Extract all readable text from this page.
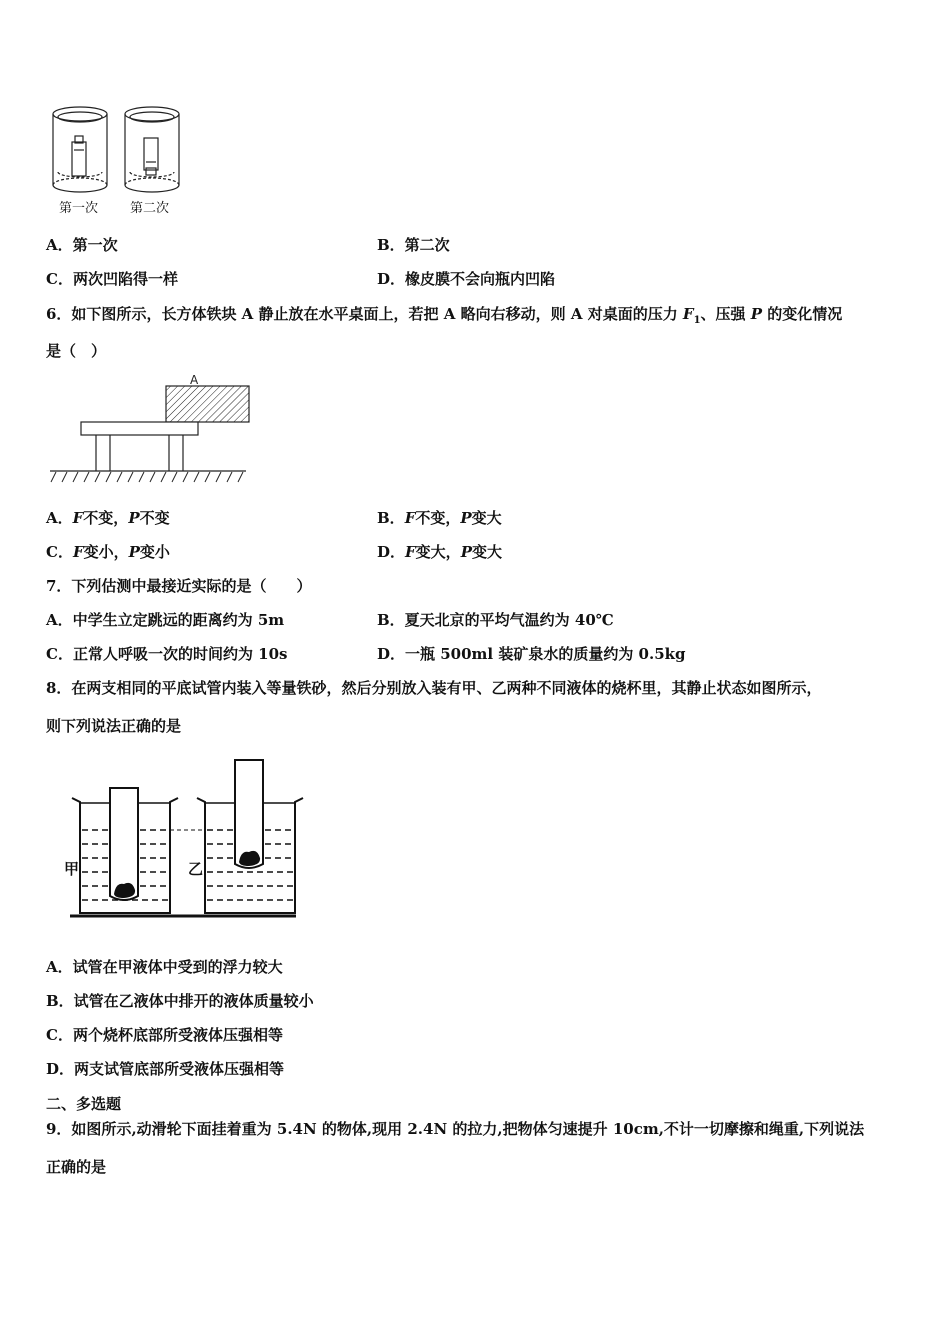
第一次 第二次
A．第一次	B．第二次
C．两次凹陷得一样	D．橡皮膜不会向瓶内凹陷
6．如下图所示，长方体铁块 A 静止放在水平桌面上，若把 A 略向右移动，则 A 对桌面的压力 $F_1$、压强 P 的变化情况
是（　）
A
A．F不变，P不变	B．F不变，P变大
C．F变小，P变小	D．F变大，P变大
7．下列估测中最接近实际的是（　　）
A．中学生立定跳远的距离约为 5m	B．夏天北京的平均气温约为 40℃
C．正常人呼吸一次的时间约为 10s	D．一瓶 500ml 装矿泉水的质量约为 0.5kg
8．在两支相同的平底试管内装入等量铁砂，然后分别放入装有甲、乙两种不同液体的烧杯里，其静止状态如图所示，
则下列说法正确的是
甲	乙
A．试管在甲液体中受到的浮力较大
B．试管在乙液体中排开的液体质量较小
C．两个烧杯底部所受液体压强相等
D．两支试管底部所受液体压强相等
二、多选题
9．如图所示,动滑轮下面挂着重为 5.4N 的物体,现用 2.4N 的拉力,把物体匀速提升 10cm,不计一切摩擦和绳重,下列说法
正确的是
